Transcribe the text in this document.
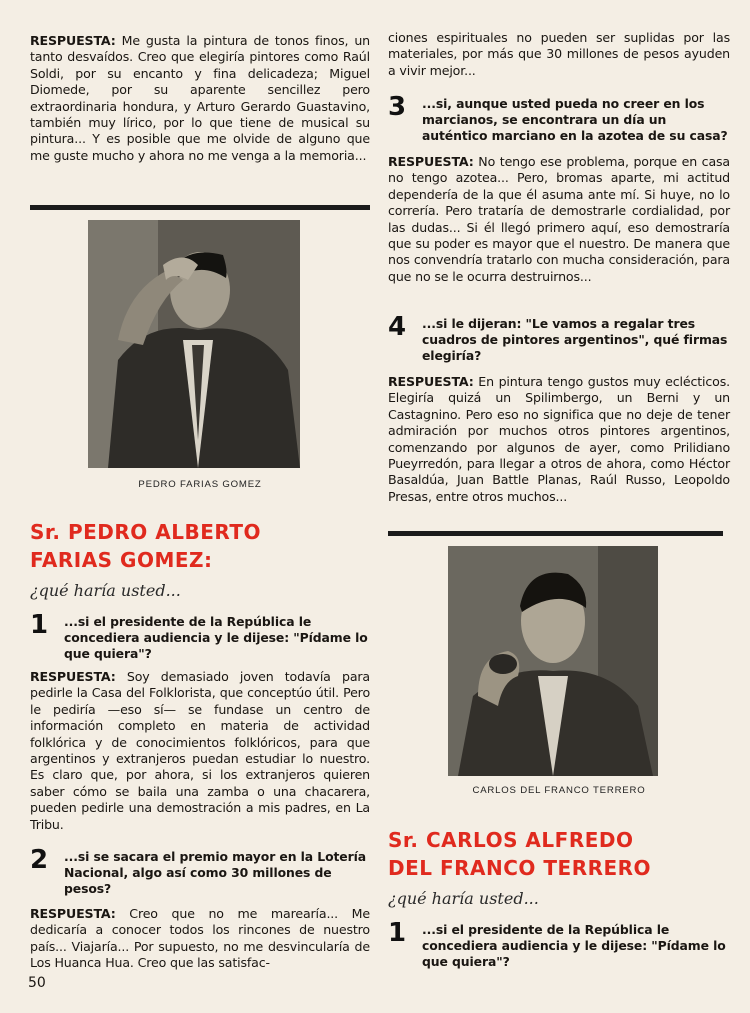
RESPUESTA: Me gusta la pintura de tonos finos, un tanto desvaídos. Creo que elegiría pintores como Raúl Soldi, por su encanto y fina delicadeza; Miguel Diomede, por su aparente sencillez pero extraordinaria hondura, y Arturo Gerardo Guastavino, también muy lírico, por lo que tiene de musical su pintura... Y es posible que me olvide de alguno que me guste mucho y ahora no me venga a la memoria...

PEDRO FARIAS GOMEZ

Sr. PEDRO ALBERTO

FARIAS GOMEZ:

¿qué haría usted...

1	...si el presidente de la República le concediera audiencia y le dijese: "Pídame lo que quiera"?

RESPUESTA: Soy demasiado joven todavía para pedirle la Casa del Folklorista, que conceptúo útil. Pero le pediría —eso sí— se fundase un centro de información completo en materia de actividad folklórica y de conocimientos folklóricos, para que argentinos y extranjeros puedan estudiar lo nuestro. Es claro que, por ahora, si los extranjeros quieren saber cómo se baila una zamba o una chacarera, pueden pedirle una demostración a mis padres, en La Tribu.

2	...si se sacara el premio mayor en la Lotería Nacional, algo así como 30 millones de pesos?

RESPUESTA: Creo que no me marearía... Me dedicaría a conocer todos los rincones de nuestro país... Viajaría... Por supuesto, no me desvincularía de Los Huanca Hua. Creo que las satisfac-

ciones espirituales no pueden ser suplidas por las materiales, por más que 30 millones de pesos ayuden a vivir mejor...

3	...si, aunque usted pueda no creer en los marcianos, se encontrara un día un auténtico marciano en la azotea de su casa?

RESPUESTA: No tengo ese problema, porque en casa no tengo azotea... Pero, bromas aparte, mi actitud dependería de la que él asuma ante mí. Si huye, no lo correría. Pero trataría de demostrarle cordialidad, por las dudas... Si él llegó primero aquí, eso demostraría que su poder es mayor que el nuestro. De manera que nos convendría tratarlo con mucha consideración, para que no se le ocurra destruirnos...

4	...si le dijeran: "Le vamos a regalar tres cuadros de pintores argentinos", qué firmas elegiría?

RESPUESTA: En pintura tengo gustos muy eclécticos. Elegiría quizá un Spilimbergo, un Berni y un Castagnino. Pero eso no significa que no deje de tener admiración por muchos otros pintores argentinos, comenzando por algunos de ayer, como Prilidiano Pueyrredón, para llegar a otros de ahora, como Héctor Basaldúa, Juan Battle Planas, Raúl Russo, Leopoldo Presas, entre otros muchos...

CARLOS DEL FRANCO TERRERO

Sr. CARLOS ALFREDO

DEL FRANCO TERRERO

¿qué haría usted...

1	...si el presidente de la República le concediera audiencia y le dijese: "Pídame lo que quiera"?

50
